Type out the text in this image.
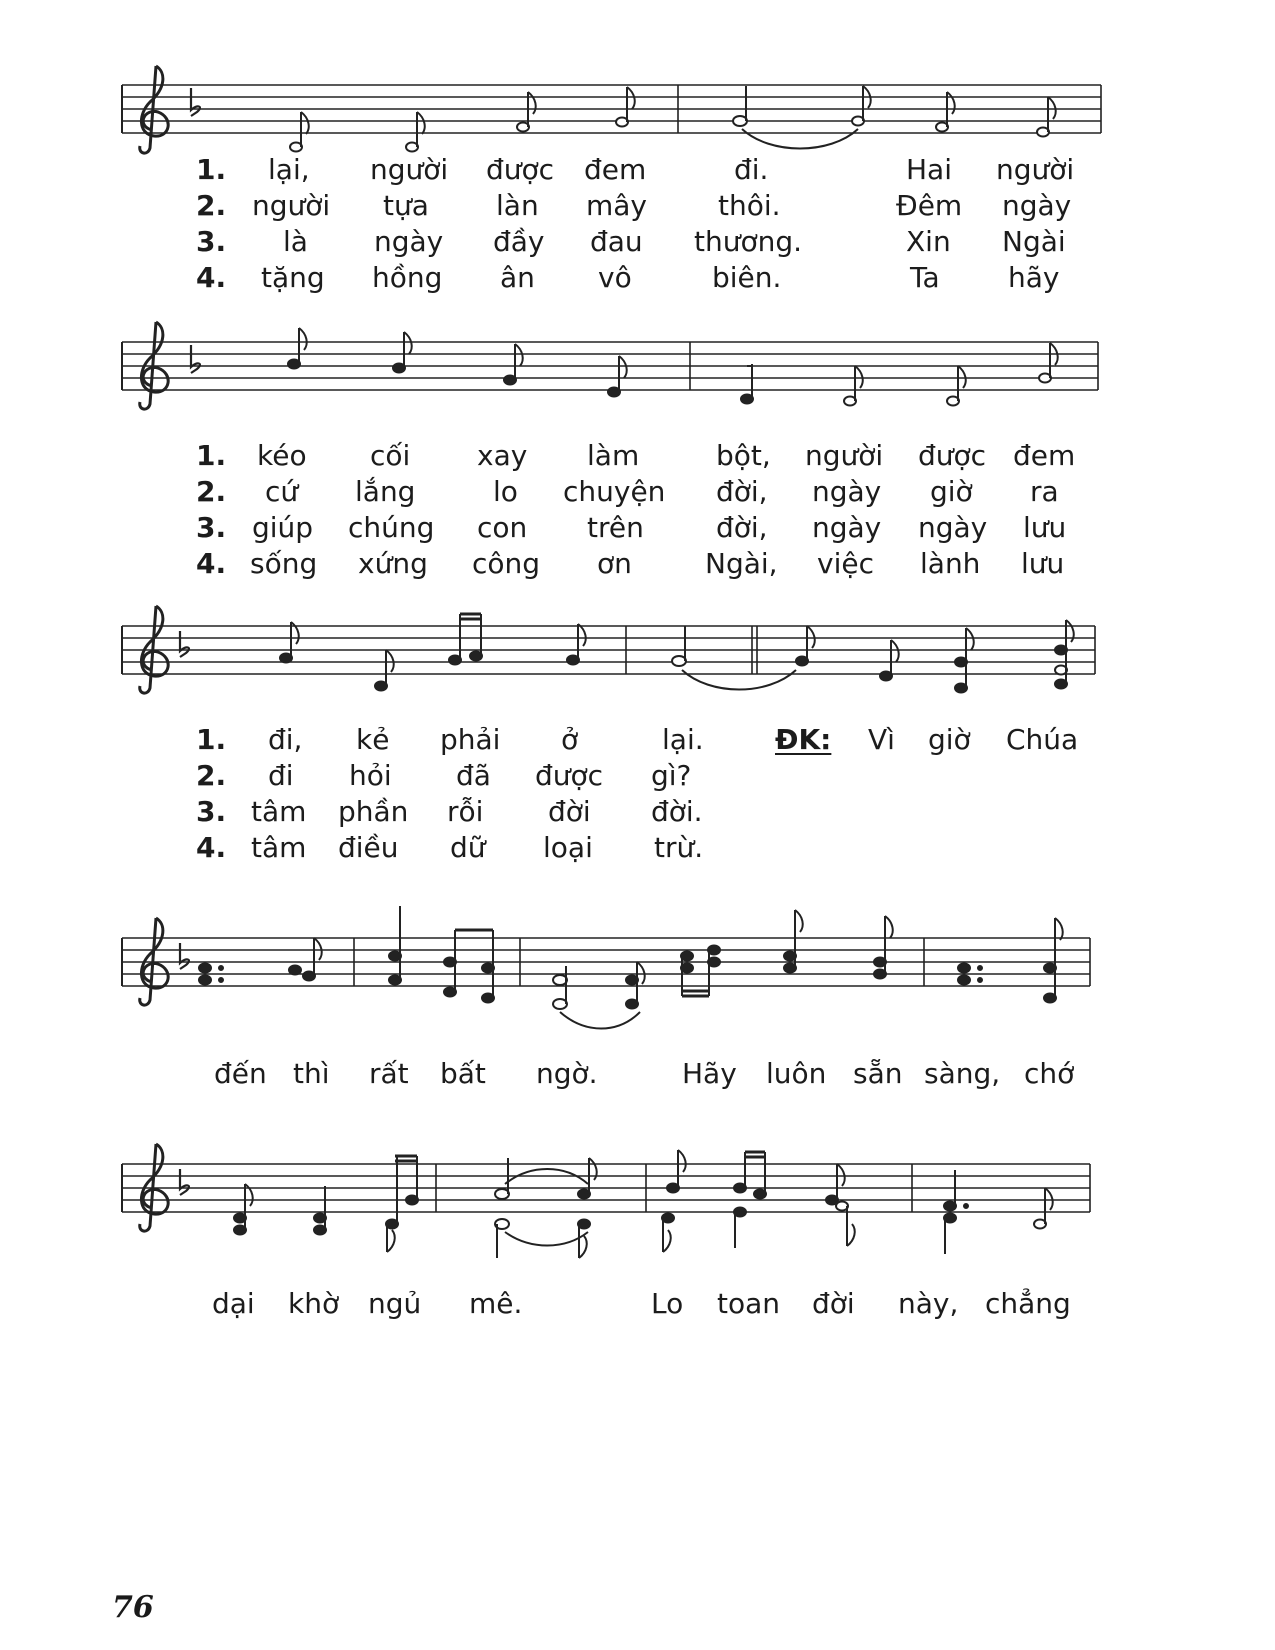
1. lại, người được đem	đi.	Hai người
2. người tựa làn mây	thôi.	Đêm ngày
3. là ngày đầy đau thương.	Xin Ngài
4. tặng hồng ân vô	biên.	Ta hãy
1. kéo cối xay làm	bột, người được đem
2. cứ lắng	lo chuyện đời, ngày giờ ra
3. giúp chúng con trên	đời, ngày ngày lưu
4. sống xứng công ơn	Ngài, việc lành lưu
1. đi, kẻ phải ở	lại.	ĐK: Vì giờ Chúa
2. đi hỏi đã được gì?
3. tâm phần rỗi đời đời.
4. tâm điều dữ loại trừ.
đến thì rất bất ngờ.	Hãy luôn sẵn sàng, chớ
dại khờ ngủ mê.	Lo toan đời này, chẳng
76
